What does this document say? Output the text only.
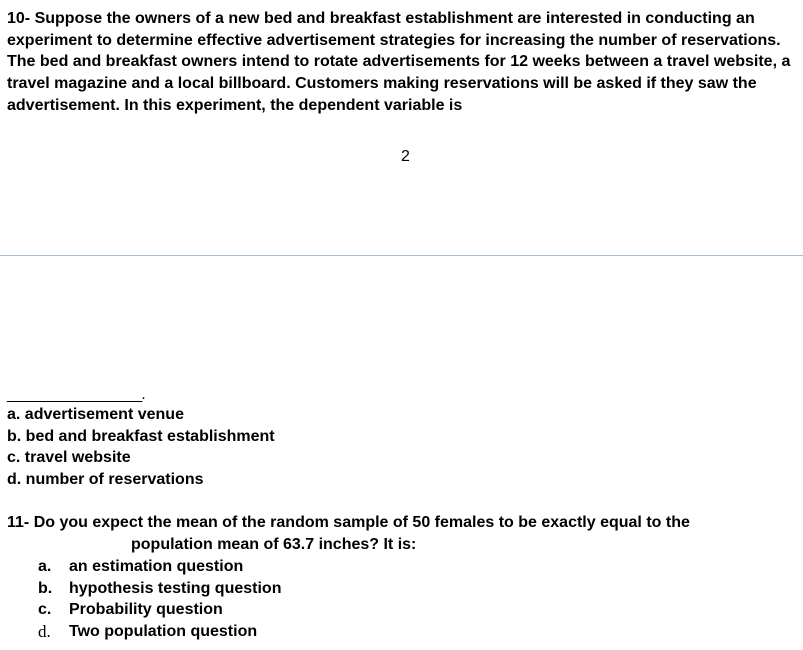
10- Suppose the owners of a new bed and breakfast establishment are interested in conducting an experiment to determine effective advertisement strategies for increasing the number of reservations. The bed and breakfast owners intend to rotate advertisements for 12 weeks between a travel website, a travel magazine and a local billboard. Customers making reservations will be asked if they saw the advertisement. In this experiment, the dependent variable is

2
_________________.
a. advertisement venue
b. bed and breakfast establishment
c. travel website
d. number of reservations
11- Do you expect the mean of the random sample of 50 females to be exactly equal to the
population mean of 63.7 inches? It is:
a.	an estimation question
b.	hypothesis testing question
c.	Probability question
d.	Two population question
